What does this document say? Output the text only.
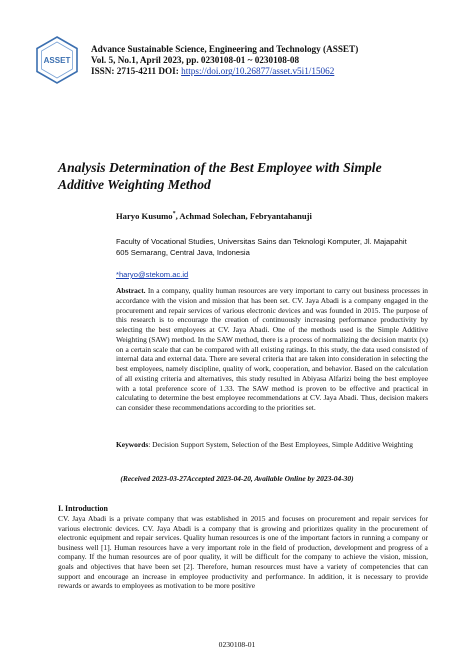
ASSET
Advance Sustainable Science, Engineering and Technology (ASSET)
Vol. 5, No.1, April 2023, pp. 0230108-01 ~ 0230108-08
ISSN: 2715-4211 DOI: https://doi.org/10.26877/asset.v5i1/15062
Analysis Determination of the Best Employee with Simple Additive Weighting Method
Haryo Kusumo*, Achmad Solechan, Febryantahanuji
Faculty of Vocational Studies, Universitas Sains dan Teknologi Komputer, Jl. Majapahit 605 Semarang, Central Java, Indonesia
*haryo@stekom.ac.id
Abstract. In a company, quality human resources are very important to carry out business processes in accordance with the vision and mission that has been set. CV. Jaya Abadi is a company engaged in the procurement and repair services of various electronic devices and was founded in 2015. The purpose of this research is to encourage the creation of continuously increasing performance productivity by selecting the best employees at CV. Jaya Abadi. One of the methods used is the Simple Additive Weighting (SAW) method. In the SAW method, there is a process of normalizing the decision matrix (x) on a certain scale that can be compared with all existing ratings. In this study, the data used consisted of internal data and external data. There are several criteria that are taken into consideration in selecting the best employees, namely discipline, quality of work, cooperation, and behavior. Based on the calculation of all existing criteria and alternatives, this study resulted in Abiyasa Alfarizi being the best employee with a total preference score of 1.33. The SAW method is proven to be effective and practical in calculating to determine the best employee recommendations at CV. Jaya Abadi. Thus, decision makers can consider these recommendations according to the priorities set.
Keywords: Decision Support System, Selection of the Best Employees, Simple Additive Weighting
(Received 2023-03-27Accepted 2023-04-20, Available Online by 2023-04-30)
I. Introduction
CV. Jaya Abadi is a private company that was established in 2015 and focuses on procurement and repair services for various electronic devices. CV. Jaya Abadi is a company that is growing and prioritizes quality in the procurement of electronic equipment and repair services. Quality human resources is one of the important factors in running a company or business well [1]. Human resources have a very important role in the field of production, development and progress of a company. If the human resources are of poor quality, it will be difficult for the company to achieve the vision, mission, goals and objectives that have been set [2]. Therefore, human resources must have a variety of competencies that can support and encourage an increase in employee productivity and performance. In addition, it is necessary to provide rewards or awards to employees as motivation to be more positive
0230108-01
